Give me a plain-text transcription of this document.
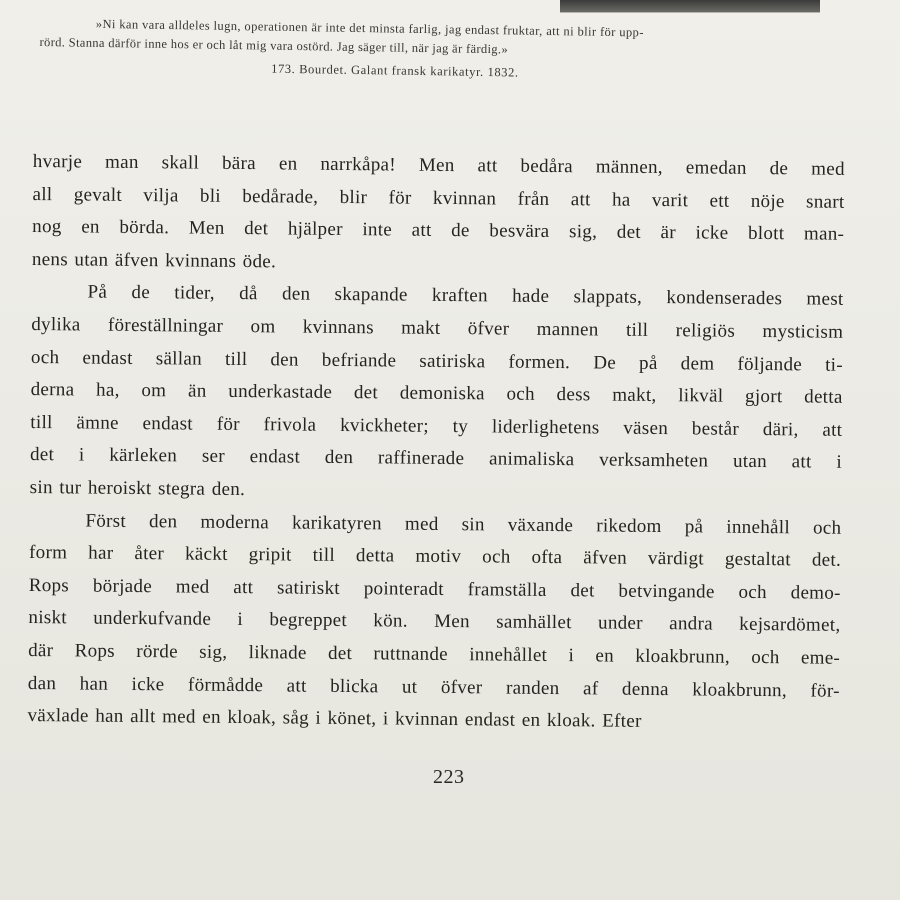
»Ni kan vara alldeles lugn, operationen är inte det minsta farlig, jag endast fruktar, att ni blir för upp-
rörd. Stanna därför inne hos er och låt mig vara ostörd. Jag säger till, när jag är färdig.»
173. Bourdet. Galant fransk karikatyr. 1832.
hvarje man skall bära en narrkåpa! Men att bedåra männen, emedan de med
all gevalt vilja bli bedårade, blir för kvinnan från att ha varit ett nöje snart
nog en börda. Men det hjälper inte att de besvära sig, det är icke blott man-
nens utan äfven kvinnans öde.
På de tider, då den skapande kraften hade slappats, kondenserades mest
dylika föreställningar om kvinnans makt öfver mannen till religiös mysticism
och endast sällan till den befriande satiriska formen. De på dem följande ti-
derna ha, om än underkastade det demoniska och dess makt, likväl gjort detta
till ämne endast för frivola kvickheter; ty liderlighetens väsen består däri, att
det i kärleken ser endast den raffinerade animaliska verksamheten utan att i
sin tur heroiskt stegra den.
Först den moderna karikatyren med sin växande rikedom på innehåll och
form har åter käckt gripit till detta motiv och ofta äfven värdigt gestaltat det.
Rops började med att satiriskt pointeradt framställa det betvingande och demo-
niskt underkufvande i begreppet kön. Men samhället under andra kejsardömet,
där Rops rörde sig, liknade det ruttnande innehållet i en kloakbrunn, och eme-
dan han icke förmådde att blicka ut öfver randen af denna kloakbrunn, för-
växlade han allt med en kloak, såg i könet, i kvinnan endast en kloak. Efter
223
